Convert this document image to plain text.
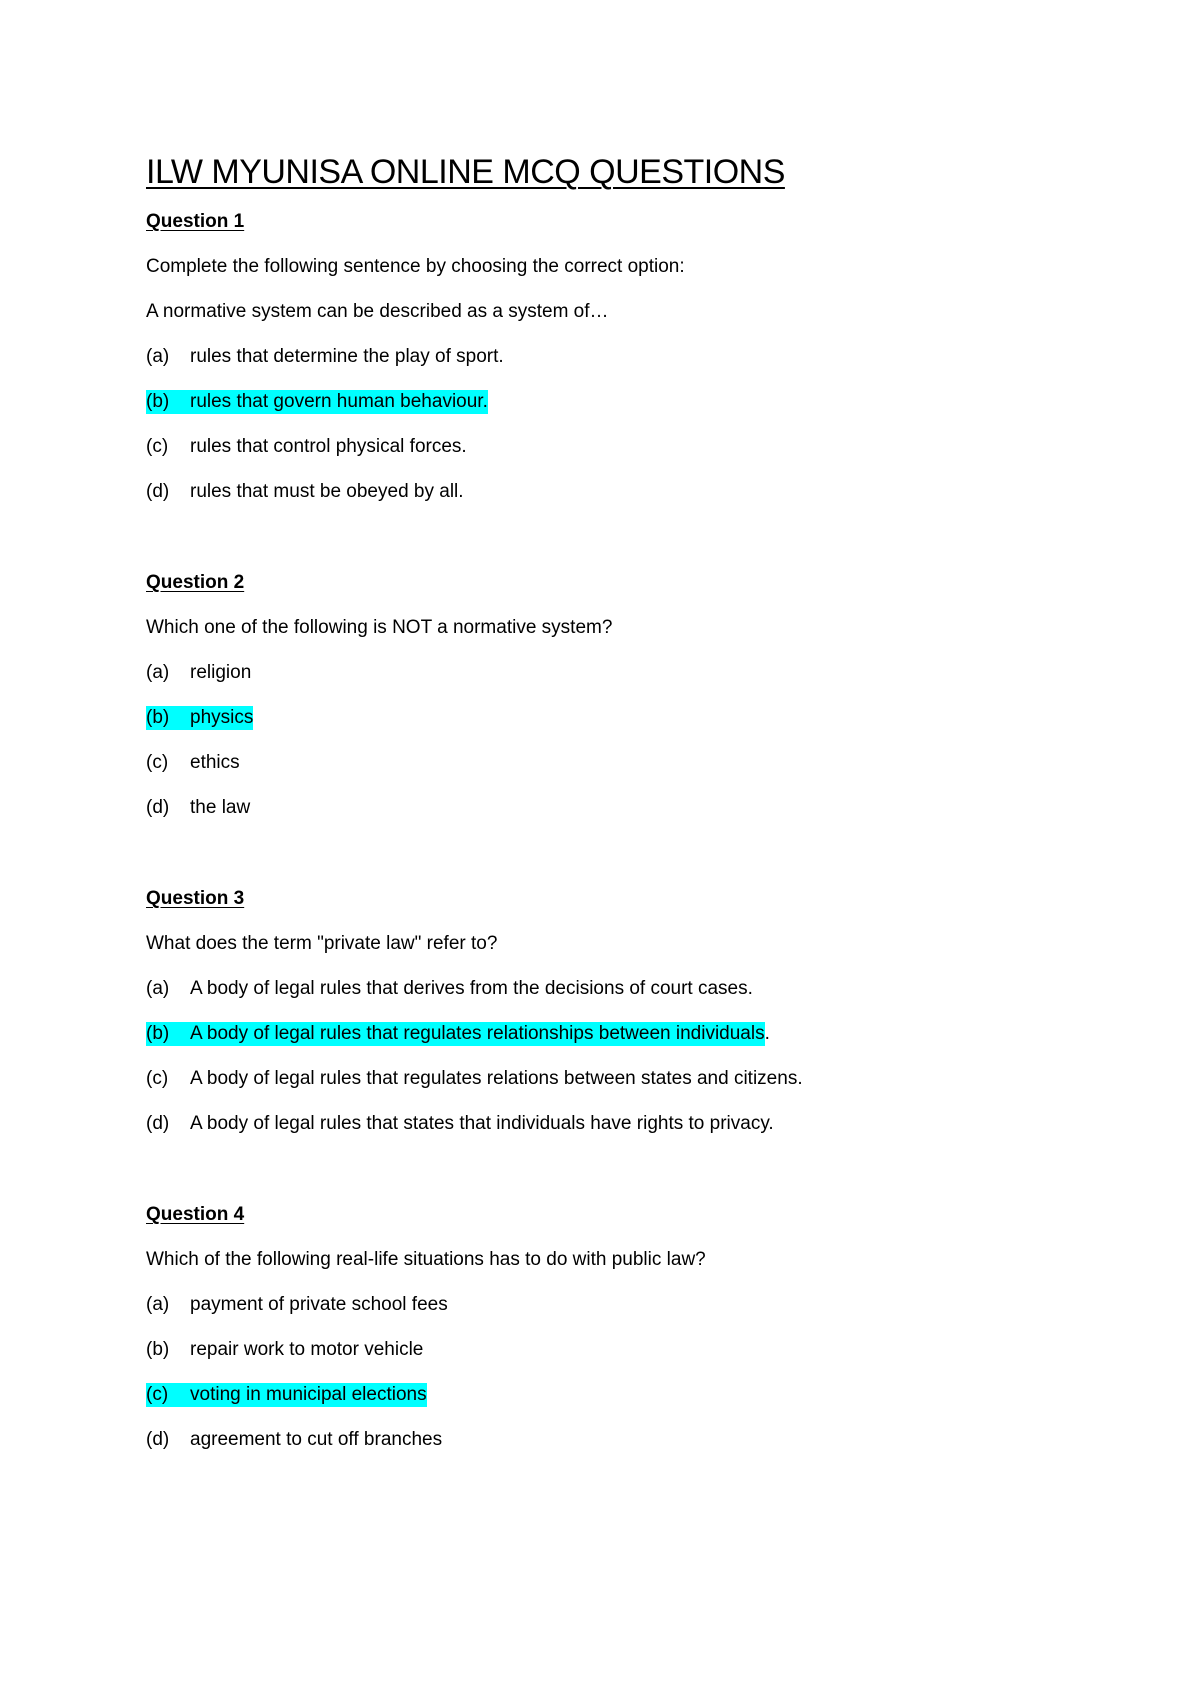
ILW MYUNISA ONLINE MCQ QUESTIONS
Question 1
Complete the following sentence by choosing the correct option:
A normative system can be described as a system of…
(a) rules that determine the play of sport.
(b) rules that govern human behaviour.
(c) rules that control physical forces.
(d) rules that must be obeyed by all.
Question 2
Which one of the following is NOT a normative system?
(a) religion
(b) physics
(c) ethics
(d) the law
Question 3
What does the term "private law" refer to?
(a) A body of legal rules that derives from the decisions of court cases.
(b) A body of legal rules that regulates relationships between individuals.
(c) A body of legal rules that regulates relations between states and citizens.
(d) A body of legal rules that states that individuals have rights to privacy.
Question 4
Which of the following real-life situations has to do with public law?
(a) payment of private school fees
(b) repair work to motor vehicle
(c) voting in municipal elections
(d) agreement to cut off branches
